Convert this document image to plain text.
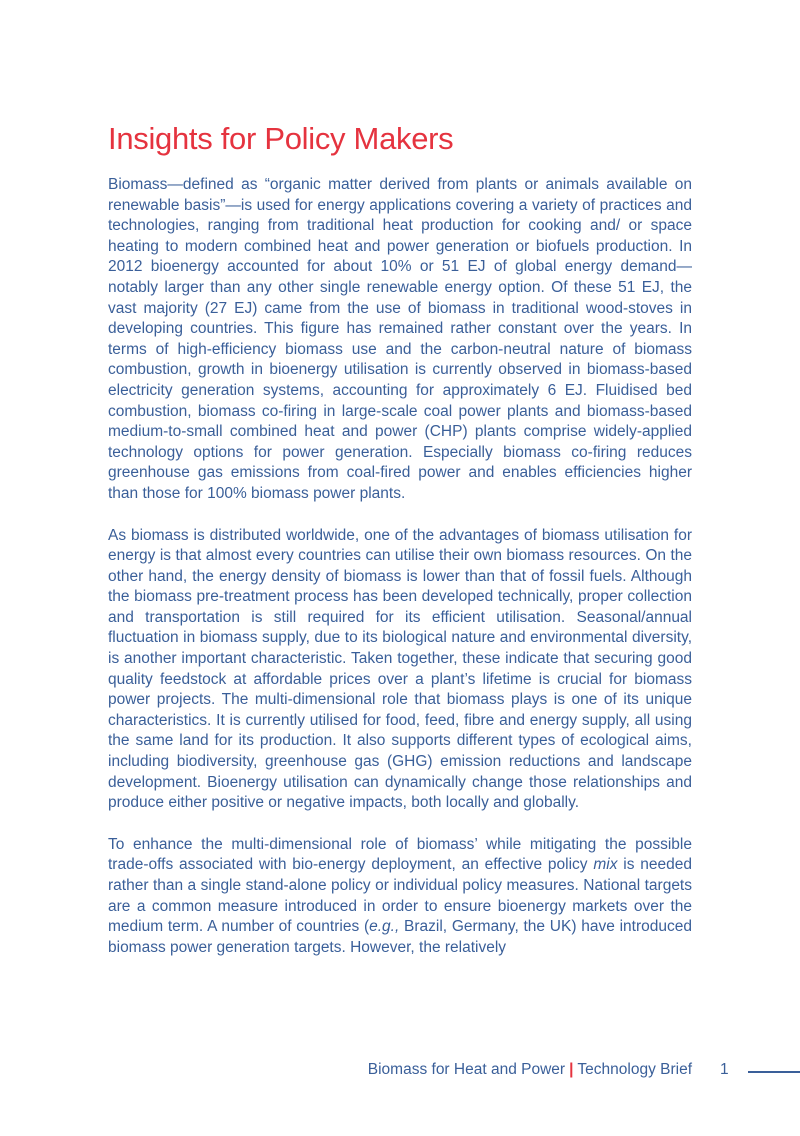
Insights for Policy Makers

Biomass—defined as “organic matter derived from plants or animals available on renewable basis”—is used for energy applications covering a variety of practices and technologies, ranging from traditional heat production for cooking and/ or space heating to modern combined heat and power generation or biofuels production. In 2012 bioenergy accounted for about 10% or 51 EJ of global energy demand—notably larger than any other single renewable energy option. Of these 51 EJ, the vast majority (27 EJ) came from the use of biomass in traditional wood-stoves in developing countries. This figure has remained rather constant over the years. In terms of high-efficiency biomass use and the carbon-neutral nature of biomass combustion, growth in bioenergy utilisation is currently observed in biomass-based electricity generation systems, accounting for approximately 6 EJ. Fluidised bed combustion, biomass co-firing in large-scale coal power plants and biomass-based medium-to-small combined heat and power (CHP) plants comprise widely-applied technology options for power generation. Especially biomass co-firing reduces greenhouse gas emissions from coal-fired power and enables efficiencies higher than those for 100% biomass power plants.

As biomass is distributed worldwide, one of the advantages of biomass utilisation for energy is that almost every countries can utilise their own biomass resources. On the other hand, the energy density of biomass is lower than that of fossil fuels. Although the biomass pre-treatment process has been developed technically, proper collection and transportation is still required for its efficient utilisation. Seasonal/annual fluctuation in biomass supply, due to its biological nature and environmental diversity, is another important characteristic. Taken together, these indicate that securing good quality feedstock at affordable prices over a plant’s lifetime is crucial for biomass power projects. The multi-dimensional role that biomass plays is one of its unique characteristics. It is currently utilised for food, feed, fibre and energy supply, all using the same land for its production. It also supports different types of ecological aims, including biodiversity, greenhouse gas (GHG) emission reductions and landscape development. Bioenergy utilisation can dynamically change those relationships and produce either positive or negative impacts, both locally and globally.

To enhance the multi-dimensional role of biomass’ while mitigating the possible trade-offs associated with bio-energy deployment, an effective policy mix is needed rather than a single stand-alone policy or individual policy measures. National targets are a common measure introduced in order to ensure bioenergy markets over the medium term. A number of countries (e.g., Brazil, Germany, the UK) have introduced biomass power generation targets. However, the relatively

Biomass for Heat and Power | Technology Brief 1
